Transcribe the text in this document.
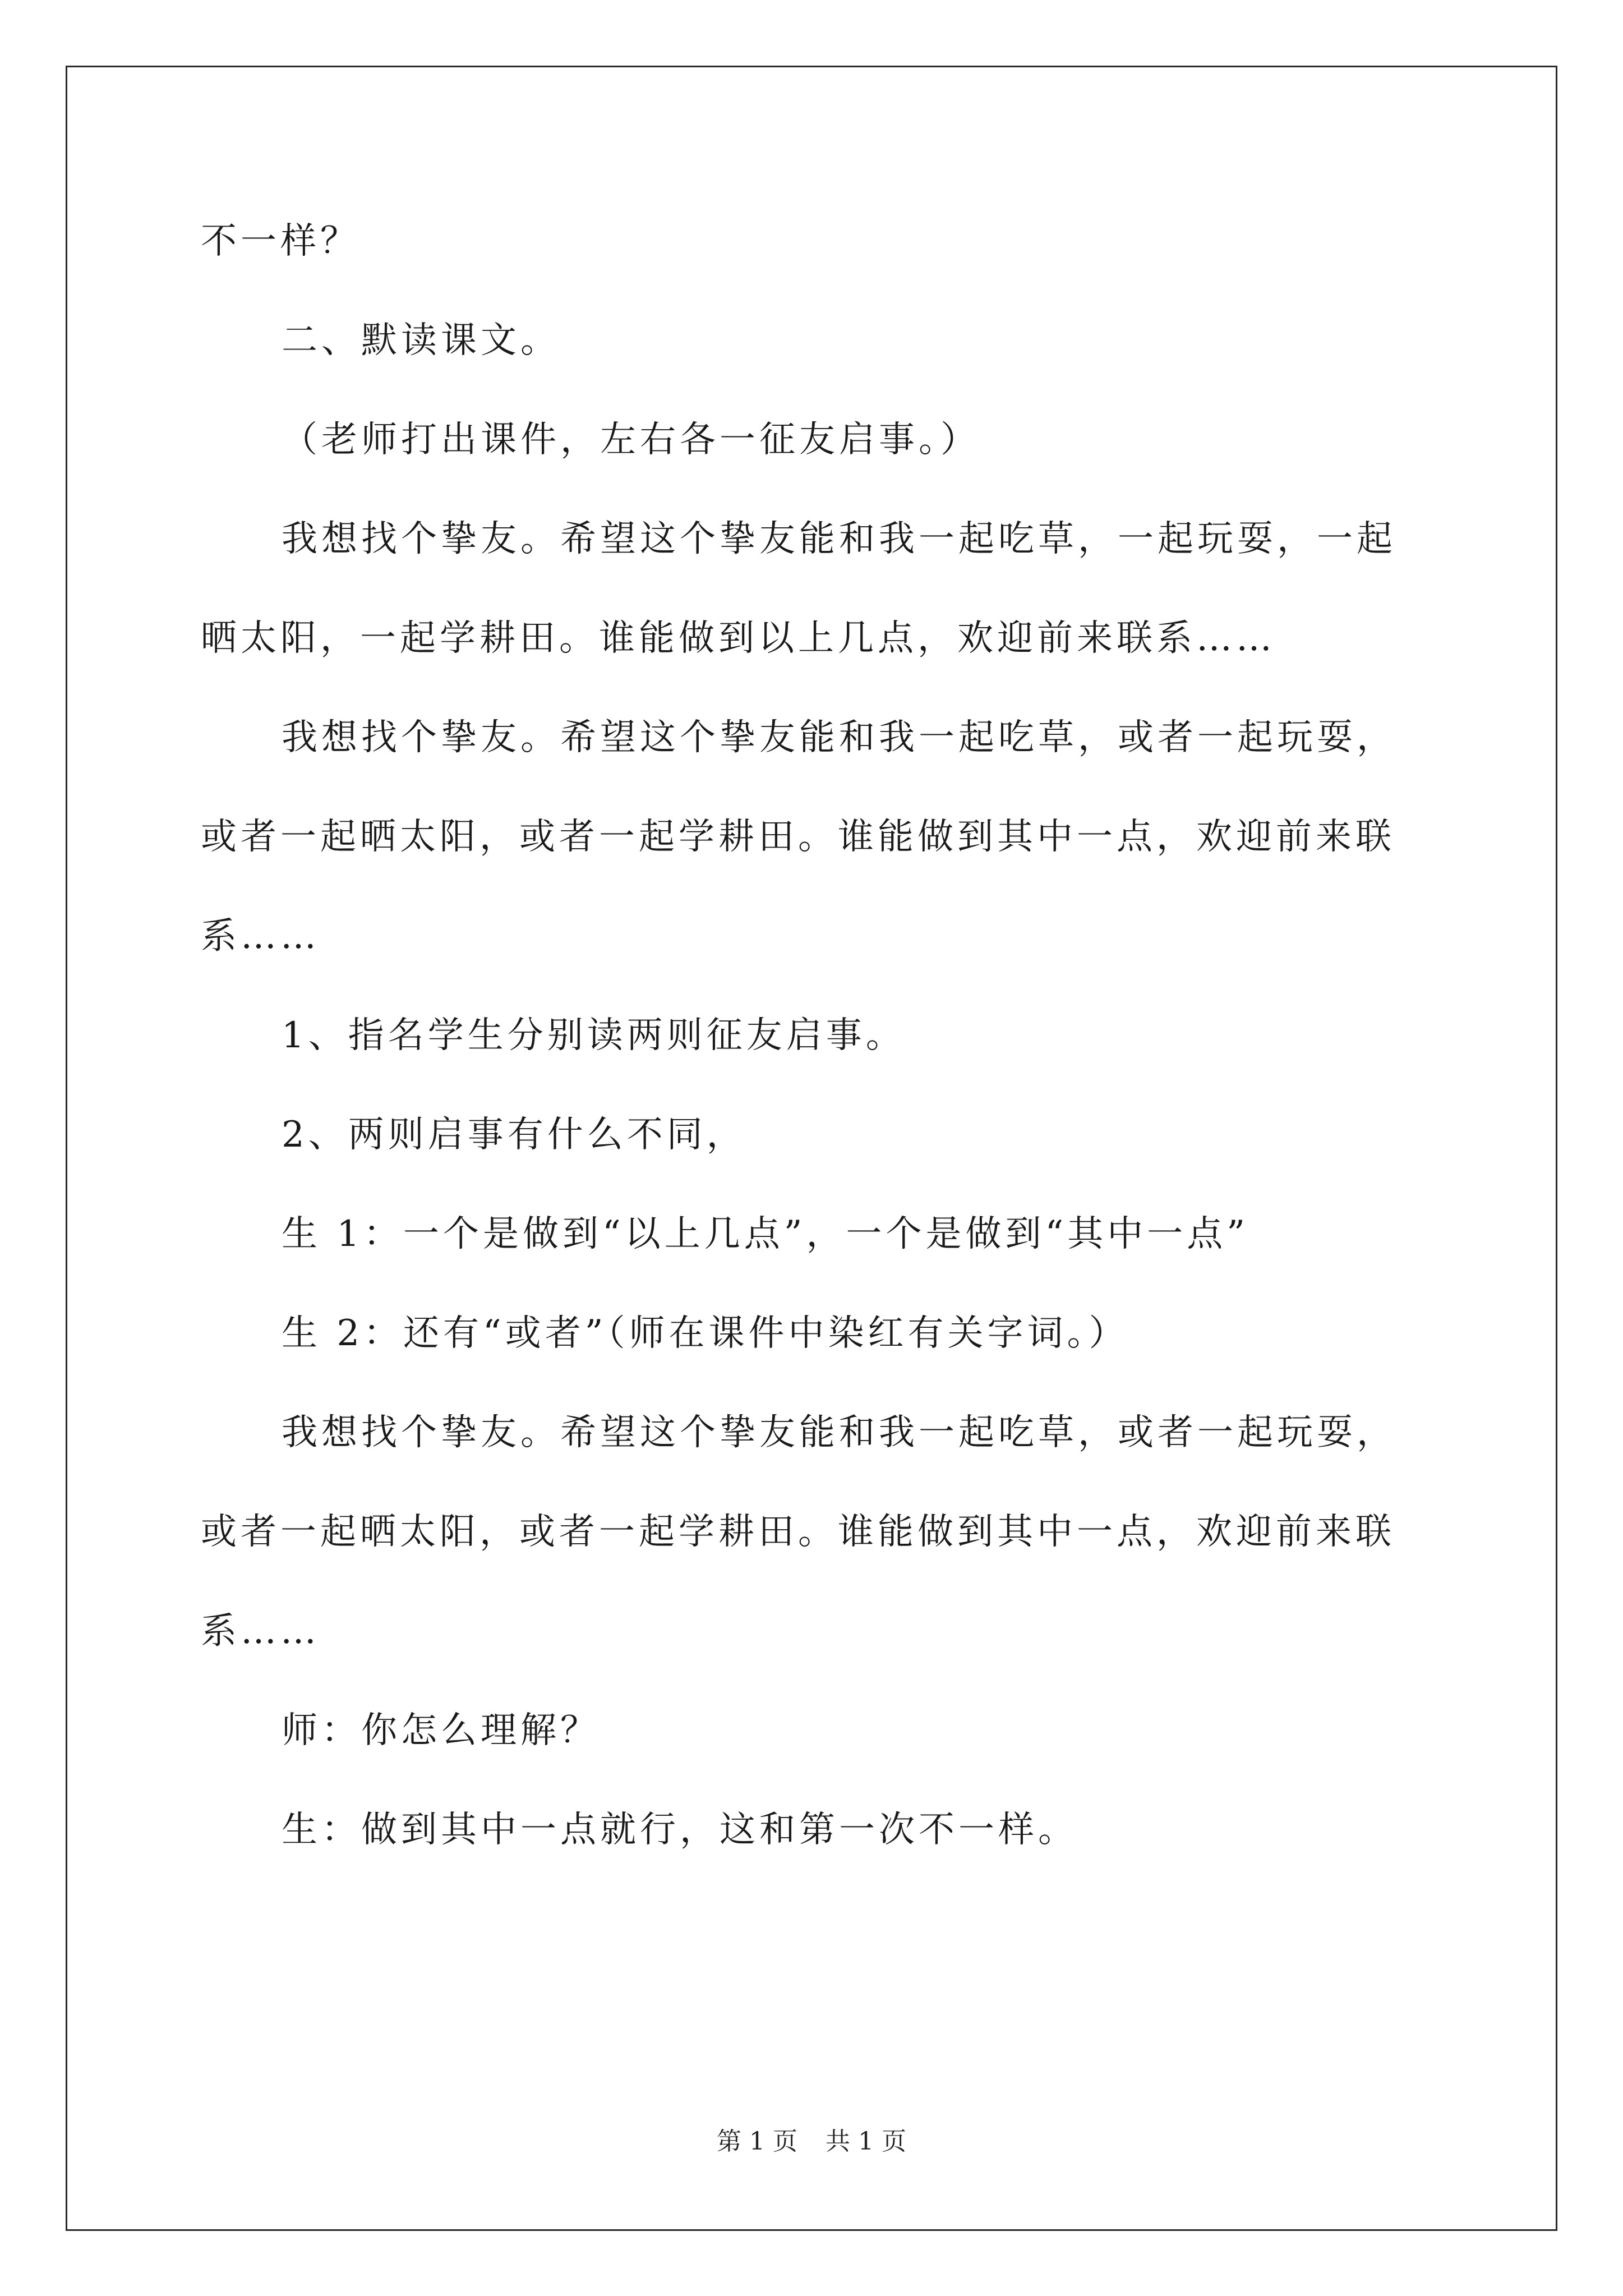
不一样？
二、默读课文。
（老师打出课件，左右各一征友启事。）
我想找个挚友。希望这个挚友能和我一起吃草，一起玩耍，一起
晒太阳，一起学耕田。谁能做到以上几点，欢迎前来联系……
我想找个挚友。希望这个挚友能和我一起吃草，或者一起玩耍，
或者一起晒太阳，或者一起学耕田。谁能做到其中一点，欢迎前来联
系……
1、指名学生分别读两则征友启事。
2、两则启事有什么不同，
生 1：一个是做到“以上几点”，一个是做到“其中一点”
生 2：还有“或者”（师在课件中染红有关字词。）
我想找个挚友。希望这个挚友能和我一起吃草，或者一起玩耍，
或者一起晒太阳，或者一起学耕田。谁能做到其中一点，欢迎前来联
系……
师：你怎么理解？
生：做到其中一点就行，这和第一次不一样。
第 1 页 共 1 页
